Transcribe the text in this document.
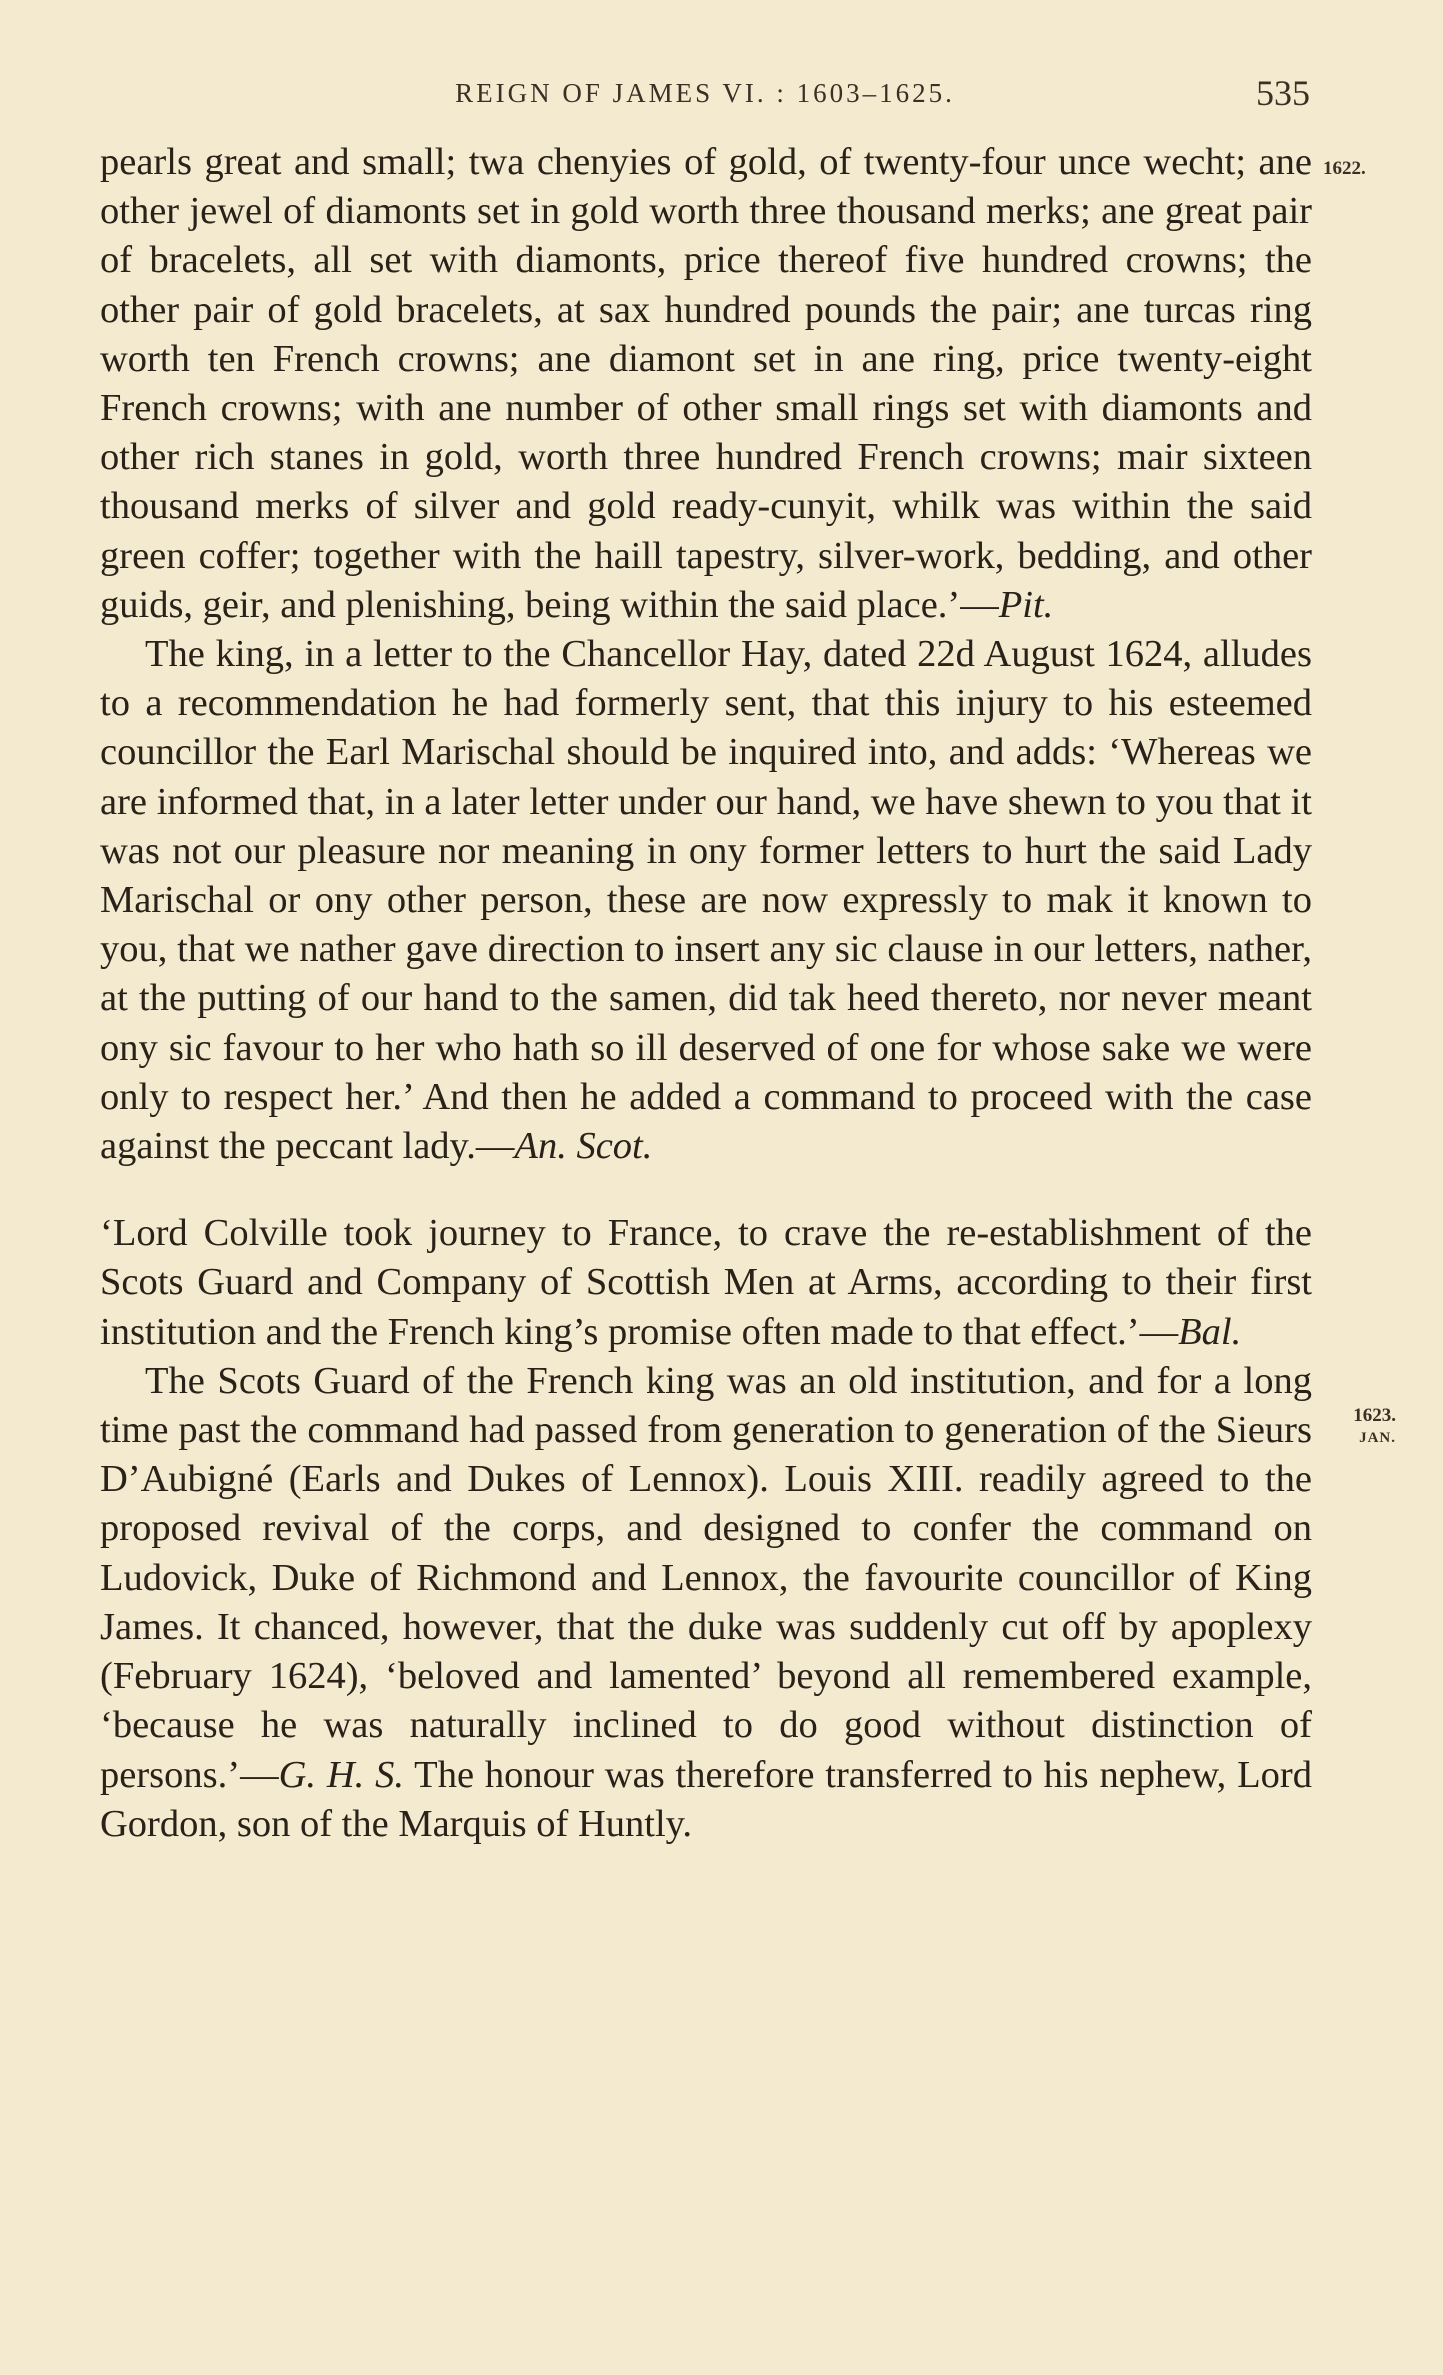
REIGN OF JAMES VI. : 1603–1625.	535
1622.
1623.
JAN.

pearls great and small; twa chenyies of gold, of twenty-four unce wecht; ane other jewel of diamonts set in gold worth three thousand merks; ane great pair of bracelets, all set with diamonts, price thereof five hundred crowns; the other pair of gold bracelets, at sax hundred pounds the pair; ane turcas ring worth ten French crowns; ane diamont set in ane ring, price twenty-eight French crowns; with ane number of other small rings set with diamonts and other rich stanes in gold, worth three hundred French crowns; mair sixteen thousand merks of silver and gold ready-cunyit, whilk was within the said green coffer; together with the haill tapestry, silver-work, bedding, and other guids, geir, and plenishing, being within the said place.’—Pit.

The king, in a letter to the Chancellor Hay, dated 22d August 1624, alludes to a recommendation he had formerly sent, that this injury to his esteemed councillor the Earl Marischal should be inquired into, and adds: ‘Whereas we are informed that, in a later letter under our hand, we have shewn to you that it was not our pleasure nor meaning in ony former letters to hurt the said Lady Marischal or ony other person, these are now expressly to mak it known to you, that we nather gave direction to insert any sic clause in our letters, nather, at the putting of our hand to the samen, did tak heed thereto, nor never meant ony sic favour to her who hath so ill deserved of one for whose sake we were only to respect her.’ And then he added a command to proceed with the case against the peccant lady.—An. Scot.

‘Lord Colville took journey to France, to crave the re-establishment of the Scots Guard and Company of Scottish Men at Arms, according to their first institution and the French king’s promise often made to that effect.’—Bal.

The Scots Guard of the French king was an old institution, and for a long time past the command had passed from generation to generation of the Sieurs D’Aubigné (Earls and Dukes of Lennox). Louis XIII. readily agreed to the proposed revival of the corps, and designed to confer the command on Ludovick, Duke of Richmond and Lennox, the favourite councillor of King James. It chanced, however, that the duke was suddenly cut off by apoplexy (February 1624), ‘beloved and lamented’ beyond all remembered example, ‘because he was naturally inclined to do good without distinction of persons.’—G. H. S. The honour was therefore transferred to his nephew, Lord Gordon, son of the Marquis of Huntly.
